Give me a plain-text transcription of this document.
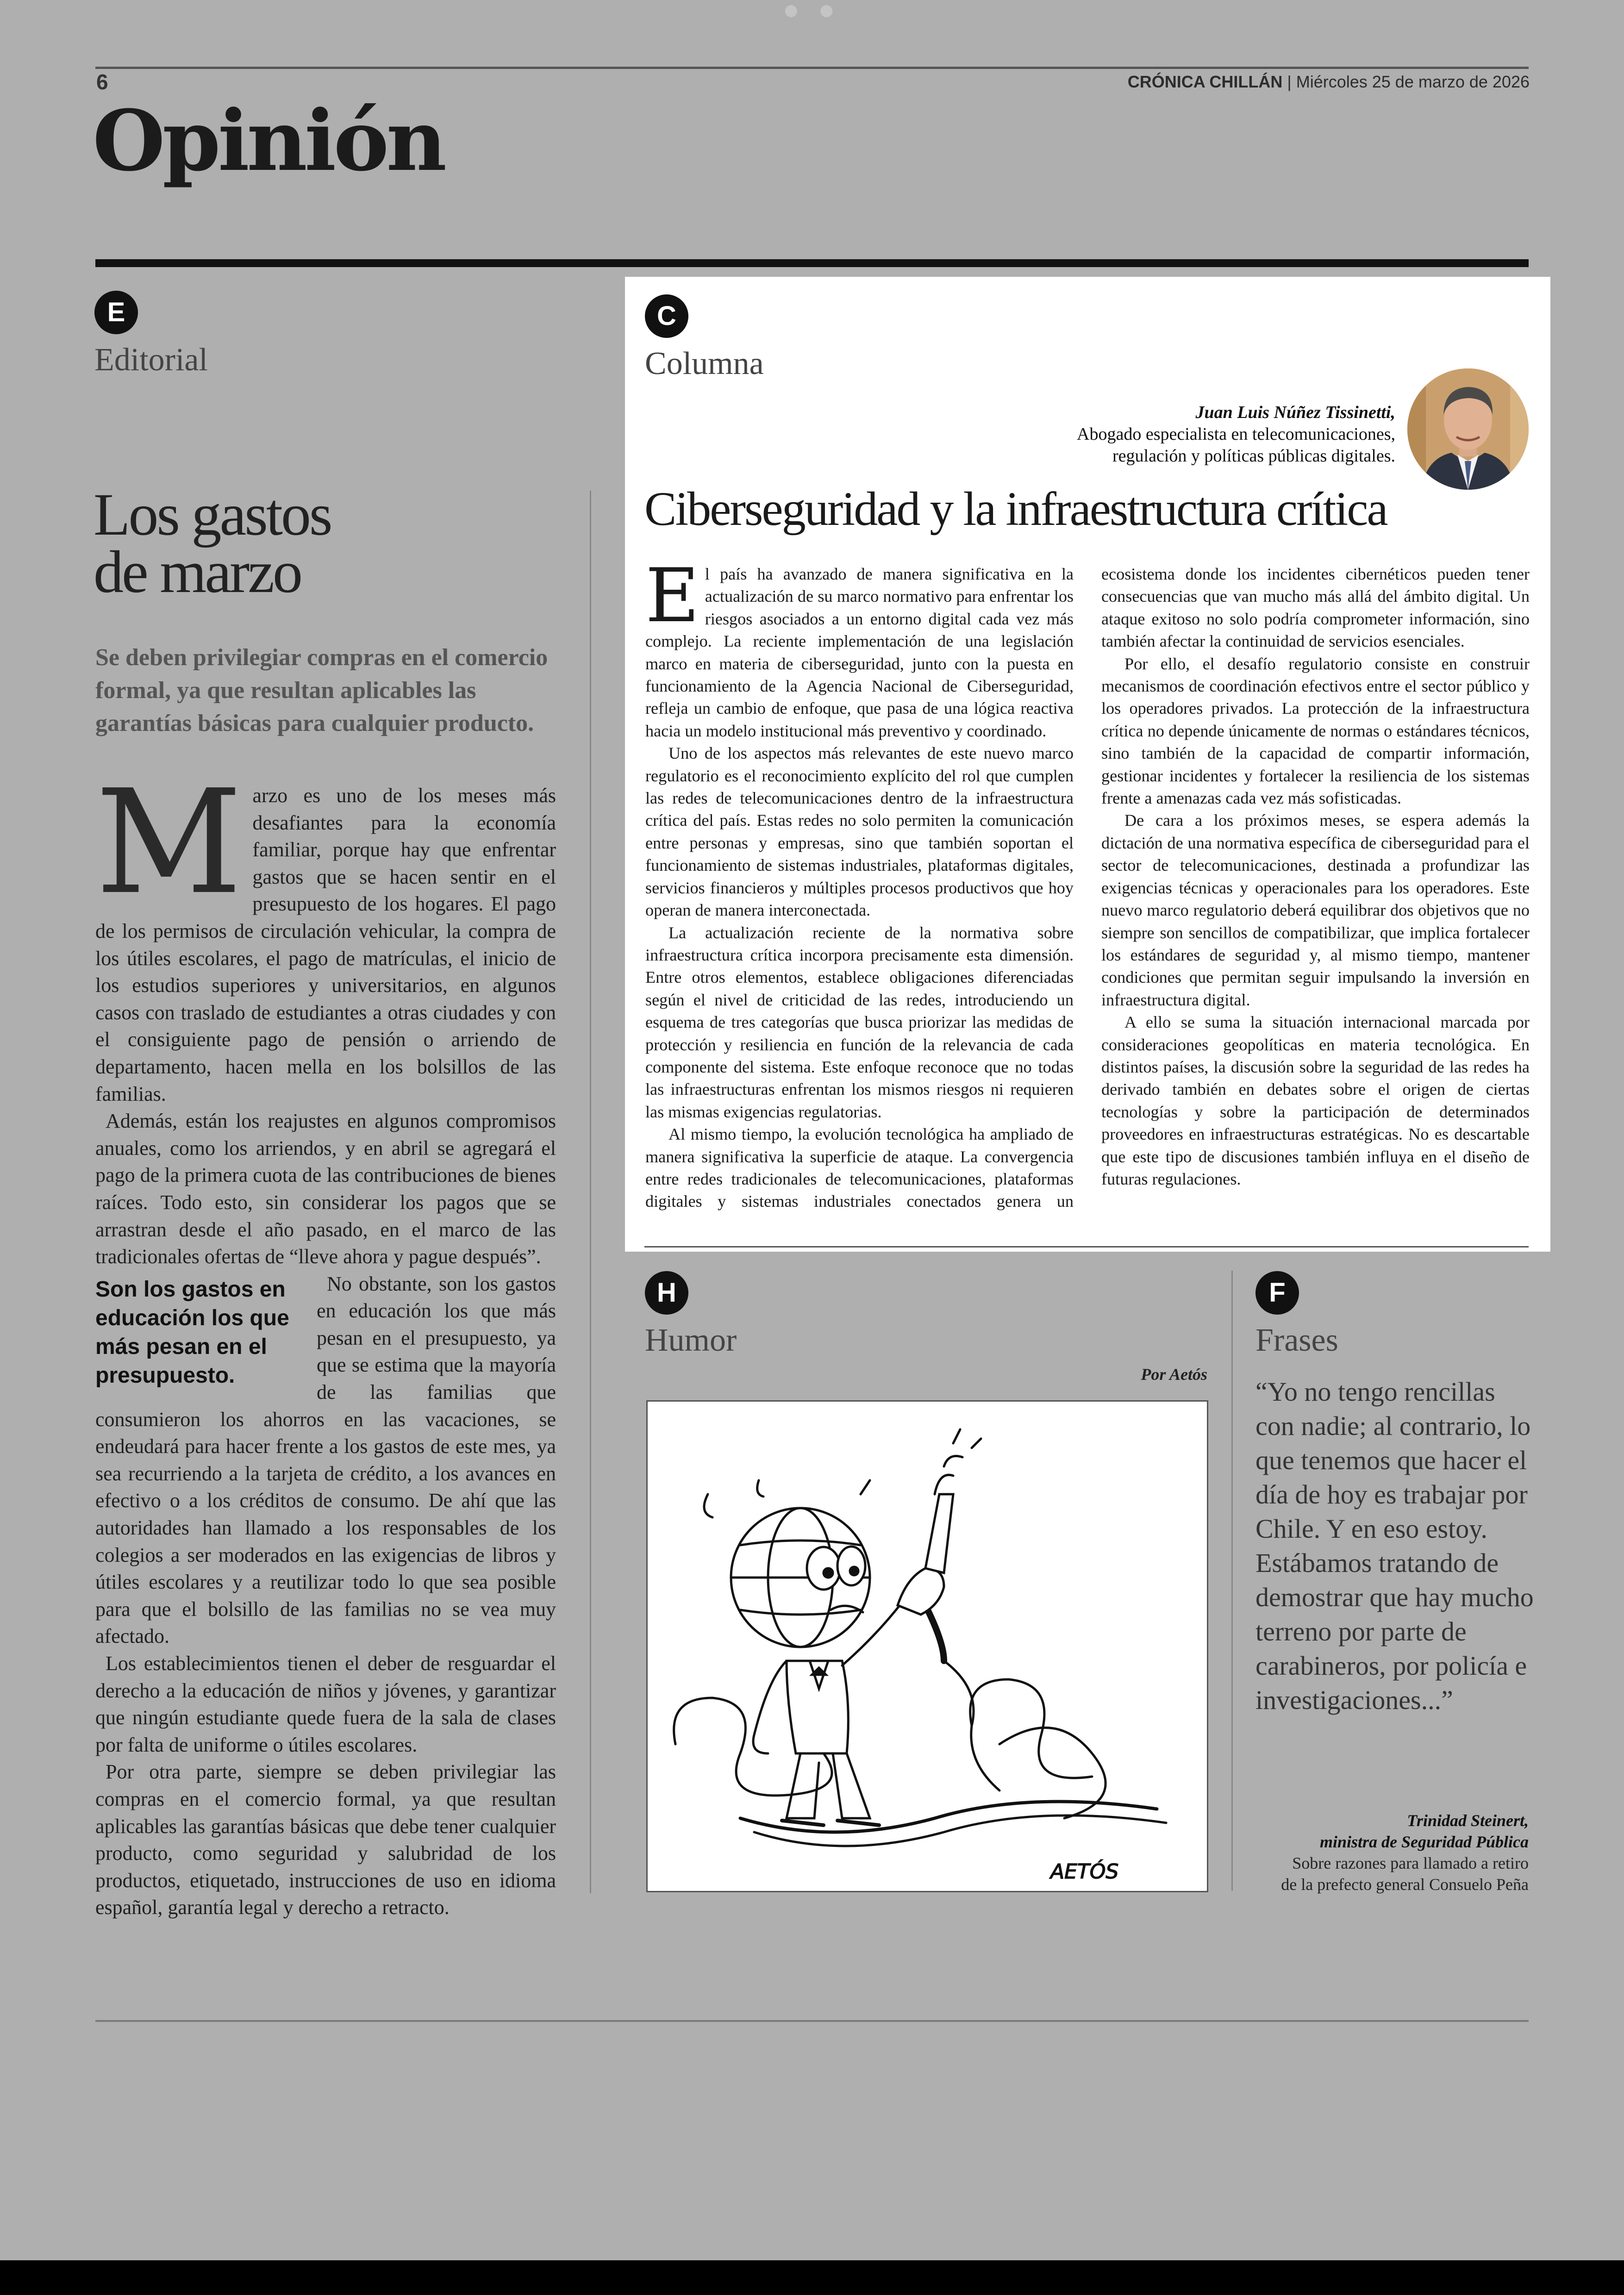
● ●
6	CRÓNICA CHILLÁN | Miércoles 25 de marzo de 2026
Opinión
E
Editorial
Los gastos
de marzo
Se deben privilegiar compras en el comercio formal, ya que resultan aplicables las garantías básicas para cualquier producto.

Marzo es uno de los meses más desafiantes para la economía familiar, porque hay que enfrentar gastos que se hacen sentir en el presupuesto de los hogares. El pago de los permisos de circulación vehicular, la compra de los útiles escolares, el pago de matrículas, el inicio de los estudios superiores y universitarios, en algunos casos con traslado de estudiantes a otras ciudades y con el consiguiente pago de pensión o arriendo de departamento, hacen mella en los bolsillos de las familias.

Además, están los reajustes en algunos compromisos anuales, como los arriendos, y en abril se agregará el pago de la primera cuota de las contribuciones de bienes raíces. Todo esto, sin considerar los pagos que se arrastran desde el año pasado, en el marco de las tradicionales ofertas de “lleve ahora y pague después”.

Son los gastos en educación los que más pesan en el presupuesto.

No obstante, son los gastos en educación los que más pesan en el presupuesto, ya que se estima que la mayoría de las familias que consumieron los ahorros en las vacaciones, se endeudará para hacer frente a los gastos de este mes, ya sea recurriendo a la tarjeta de crédito, a los avances en efectivo o a los créditos de consumo. De ahí que las autoridades han llamado a los responsables de los colegios a ser moderados en las exigencias de libros y útiles escolares y a reutilizar todo lo que sea posible para que el bolsillo de las familias no se vea muy afectado.

Los establecimientos tienen el deber de resguardar el derecho a la educación de niños y jóvenes, y garantizar que ningún estudiante quede fuera de la sala de clases por falta de uniforme o útiles escolares.

Por otra parte, siempre se deben privilegiar las compras en el comercio formal, ya que resultan aplicables las garantías básicas que debe tener cualquier producto, como seguridad y salubridad de los productos, etiquetado, instrucciones de uso en idioma español, garantía legal y derecho a retracto.

C
Columna
Juan Luis Núñez Tissinetti,
Abogado especialista en telecomunicaciones,
regulación y políticas públicas digitales.
Ciberseguridad y la infraestructura crítica

El país ha avanzado de manera significativa en la actualización de su marco normativo para enfrentar los riesgos asociados a un entorno digital cada vez más complejo. La reciente implementación de una legislación marco en materia de ciberseguridad, junto con la puesta en funcionamiento de la Agencia Nacional de Ciberseguridad, refleja un cambio de enfoque, que pasa de una lógica reactiva hacia un modelo institucional más preventivo y coordinado.

Uno de los aspectos más relevantes de este nuevo marco regulatorio es el reconocimiento explícito del rol que cumplen las redes de telecomunicaciones dentro de la infraestructura crítica del país. Estas redes no solo permiten la comunicación entre personas y empresas, sino que también soportan el funcionamiento de sistemas industriales, plataformas digitales, servicios financieros y múltiples procesos productivos que hoy operan de manera interconectada.

La actualización reciente de la normativa sobre infraestructura crítica incorpora precisamente esta dimensión. Entre otros elementos, establece obligaciones diferenciadas según el nivel de criticidad de las redes, introduciendo un esquema de tres categorías que busca priorizar las medidas de protección y resiliencia en función de la relevancia de cada componente del sistema. Este enfoque reconoce que no todas las infraestructuras enfrentan los mismos riesgos ni requieren las mismas exigencias regulatorias.

Al mismo tiempo, la evolución tecnológica ha ampliado de manera significativa la superficie de ataque. La convergencia entre redes tradicionales de telecomunicaciones, plataformas digitales y sistemas industriales conectados genera un ecosistema donde los incidentes cibernéticos pueden tener consecuencias que van mucho más allá del ámbito digital. Un ataque exitoso no solo podría comprometer información, sino también afectar la continuidad de servicios esenciales.

Por ello, el desafío regulatorio consiste en construir mecanismos de coordinación efectivos entre el sector público y los operadores privados. La protección de la infraestructura crítica no depende únicamente de normas o estándares técnicos, sino también de la capacidad de compartir información, gestionar incidentes y fortalecer la resiliencia de los sistemas frente a amenazas cada vez más sofisticadas.

De cara a los próximos meses, se espera además la dictación de una normativa específica de ciberseguridad para el sector de telecomunicaciones, destinada a profundizar las exigencias técnicas y operacionales para los operadores. Este nuevo marco regulatorio deberá equilibrar dos objetivos que no siempre son sencillos de compatibilizar, que implica fortalecer los estándares de seguridad y, al mismo tiempo, mantener condiciones que permitan seguir impulsando la inversión en infraestructura digital.

A ello se suma la situación internacional marcada por consideraciones geopolíticas en materia tecnológica. En distintos países, la discusión sobre la seguridad de las redes ha derivado también en debates sobre el origen de ciertas tecnologías y sobre la participación de determinados proveedores en infraestructuras estratégicas. No es descartable que este tipo de discusiones también influya en el diseño de futuras regulaciones.

H
Humor
Por Aetós
AETÓS
F
Frases
“Yo no tengo rencillas con nadie; al contrario, lo que tenemos que hacer el día de hoy es trabajar por Chile. Y en eso estoy. Estábamos tratando de demostrar que hay mucho terreno por parte de carabineros, por policía e investigaciones...”
Trinidad Steinert,
ministra de Seguridad Pública
Sobre razones para llamado a retiro
de la prefecto general Consuelo Peña
